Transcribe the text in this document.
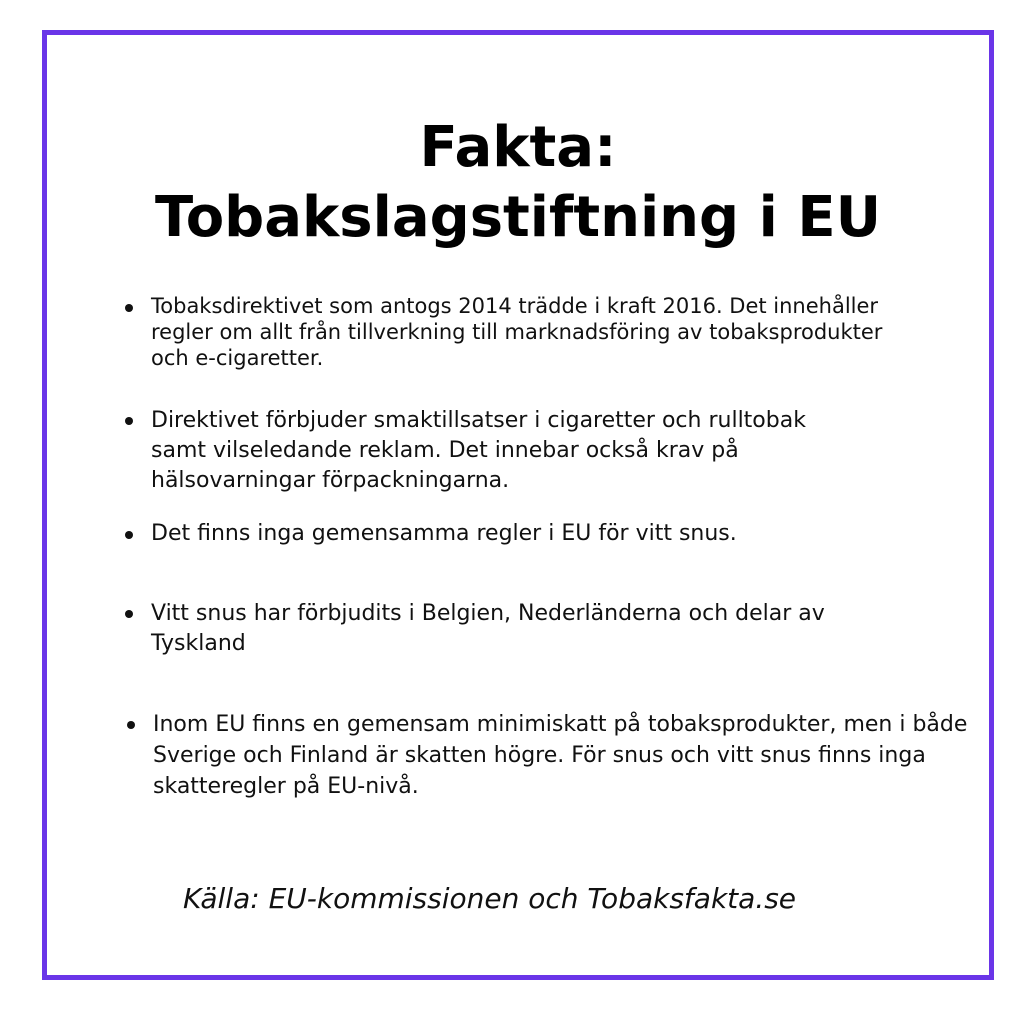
Fakta:
Tobakslagstiftning i EU

Tobaksdirektivet som antogs 2014 trädde i kraft 2016. Det innehåller regler om allt från tillverkning till marknadsföring av tobaksprodukter och e-cigaretter.

Direktivet förbjuder smaktillsatser i cigaretter och rulltobak samt vilseledande reklam. Det innebar också krav på hälsovarningar förpackningarna.

Det finns inga gemensamma regler i EU för vitt snus.

Vitt snus har förbjudits i Belgien, Nederländerna och delar av Tyskland

Inom EU finns en gemensam minimiskatt på tobaksprodukter, men i både Sverige och Finland är skatten högre. För snus och vitt snus finns inga skatteregler på EU-nivå.

Källa: EU-kommissionen och Tobaksfakta.se
